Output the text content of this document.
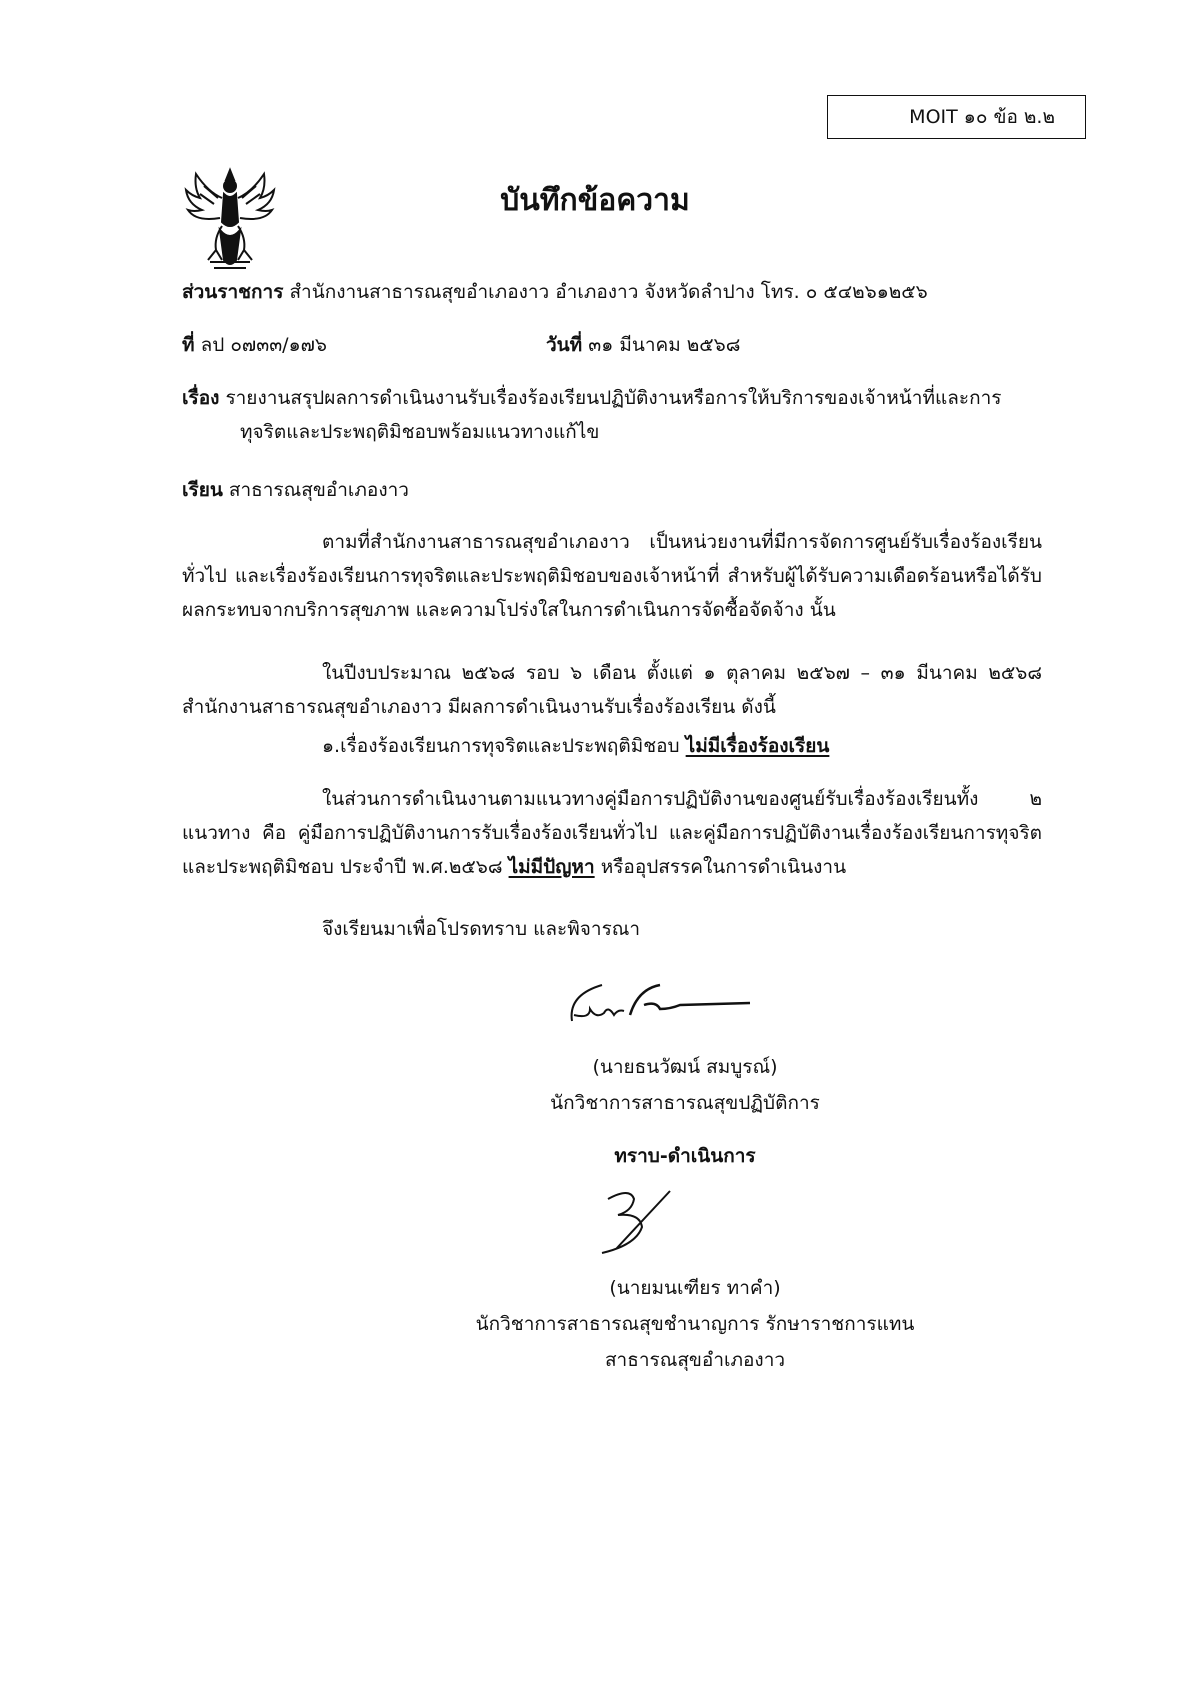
MOIT ๑๐ ข้อ ๒.๒
บันทึกข้อความ
ส่วนราชการ สำนักงานสาธารณสุขอำเภองาว อำเภองาว จังหวัดลำปาง โทร. ๐ ๕๔๒๖๑๒๕๖
ที่ ลป ๐๗๓๓/๑๗๖	วันที่ ๓๑ มีนาคม ๒๕๖๘
เรื่อง รายงานสรุปผลการดำเนินงานรับเรื่องร้องเรียนปฏิบัติงานหรือการให้บริการของเจ้าหน้าที่และการ
ทุจริตและประพฤติมิชอบพร้อมแนวทางแก้ไข
เรียน สาธารณสุขอำเภองาว
ตามที่สำนักงานสาธารณสุขอำเภองาว เป็นหน่วยงานที่มีการจัดการศูนย์รับเรื่องร้องเรียนทั่วไป และเรื่องร้องเรียนการทุจริตและประพฤติมิชอบของเจ้าหน้าที่ สำหรับผู้ได้รับความเดือดร้อนหรือได้รับผลกระทบจากบริการสุขภาพ และความโปร่งใสในการดำเนินการจัดซื้อจัดจ้าง นั้น
ในปีงบประมาณ ๒๕๖๘ รอบ ๖ เดือน ตั้งแต่ ๑ ตุลาคม ๒๕๖๗ – ๓๑ มีนาคม ๒๕๖๘ สำนักงานสาธารณสุขอำเภองาว มีผลการดำเนินงานรับเรื่องร้องเรียน ดังนี้
๑.เรื่องร้องเรียนการทุจริตและประพฤติมิชอบ ไม่มีเรื่องร้องเรียน
ในส่วนการดำเนินงานตามแนวทางคู่มือการปฏิบัติงานของศูนย์รับเรื่องร้องเรียนทั้ง ๒ แนวทาง คือ คู่มือการปฏิบัติงานการรับเรื่องร้องเรียนทั่วไป และคู่มือการปฏิบัติงานเรื่องร้องเรียนการทุจริตและประพฤติมิชอบ ประจำปี พ.ศ.๒๕๖๘ ไม่มีปัญหา หรืออุปสรรคในการดำเนินงาน
จึงเรียนมาเพื่อโปรดทราบ และพิจารณา
(นายธนวัฒน์ สมบูรณ์)
นักวิชาการสาธารณสุขปฏิบัติการ
ทราบ-ดำเนินการ
(นายมนเฑียร ทาคำ)
นักวิชาการสาธารณสุขชำนาญการ รักษาราชการแทน
สาธารณสุขอำเภองาว
